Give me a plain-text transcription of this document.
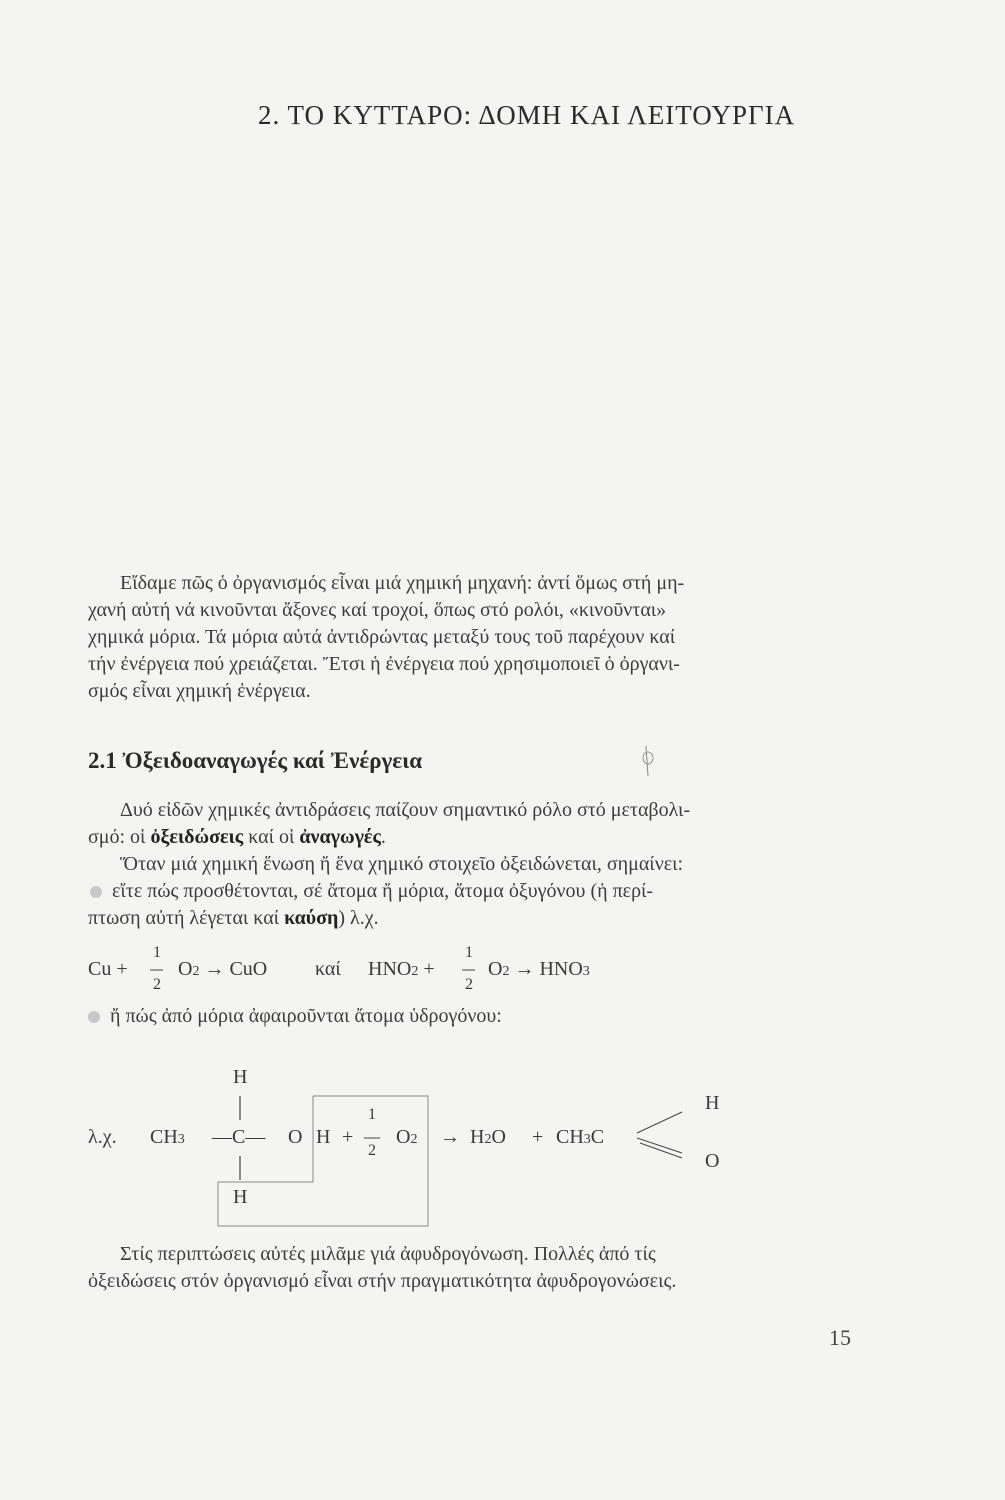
2. ΤΟ ΚΥΤΤΑΡΟ: ΔΟΜΗ ΚΑΙ ΛΕΙΤΟΥΡΓΙΑ
Εἴδαμε πῶς ὁ ὀργανισμός εἶναι μιά χημική μηχανή: ἀντί ὅμως στή μη-
χανή αὐτή νά κινοῦνται ἄξονες καί τροχοί, ὅπως στό ρολόι, «κινοῦνται»
χημικά μόρια. Τά μόρια αὐτά ἀντιδρώντας μεταξύ τους τοῦ παρέχουν καί
τήν ἐνέργεια πού χρειάζεται. Ἔτσι ἡ ἐνέργεια πού χρησιμοποιεῖ ὁ ὀργανι-
σμός εἶναι χημική ἐνέργεια.
2.1 Ὀξειδοαναγωγές καί Ἐνέργεια
Δυό εἰδῶν χημικές ἀντιδράσεις παίζουν σημαντικό ρόλο στό μεταβολι-
σμό: οἱ ὀξειδώσεις καί οἱ ἀναγωγές.
Ὅταν μιά χημική ἕνωση ἤ ἕνα χημικό στοιχεῖο ὀξειδώνεται, σημαίνει:
εἴτε πώς προσθέτονται, σέ ἄτομα ἤ μόρια, ἄτομα ὀξυγόνου (ἡ περί-
πτωση αὐτή λέγεται καί καύση) λ.χ.
Cu +
1
2
O2 → CuO καί HNO2 +
1
2
O2 → HNO3
ἤ πώς ἀπό μόρια ἀφαιροῦνται ἄτομα ὑδρογόνου:
H
λ.χ. CH3 —C— O H +
1
2
O2 → H2O + CH3C
H
O
H
Στίς περιπτώσεις αὐτές μιλᾶμε γιά ἀφυδρογόνωση. Πολλές ἀπό τίς
ὀξειδώσεις στόν ὀργανισμό εἶναι στήν πραγματικότητα ἀφυδρογονώσεις.
15
